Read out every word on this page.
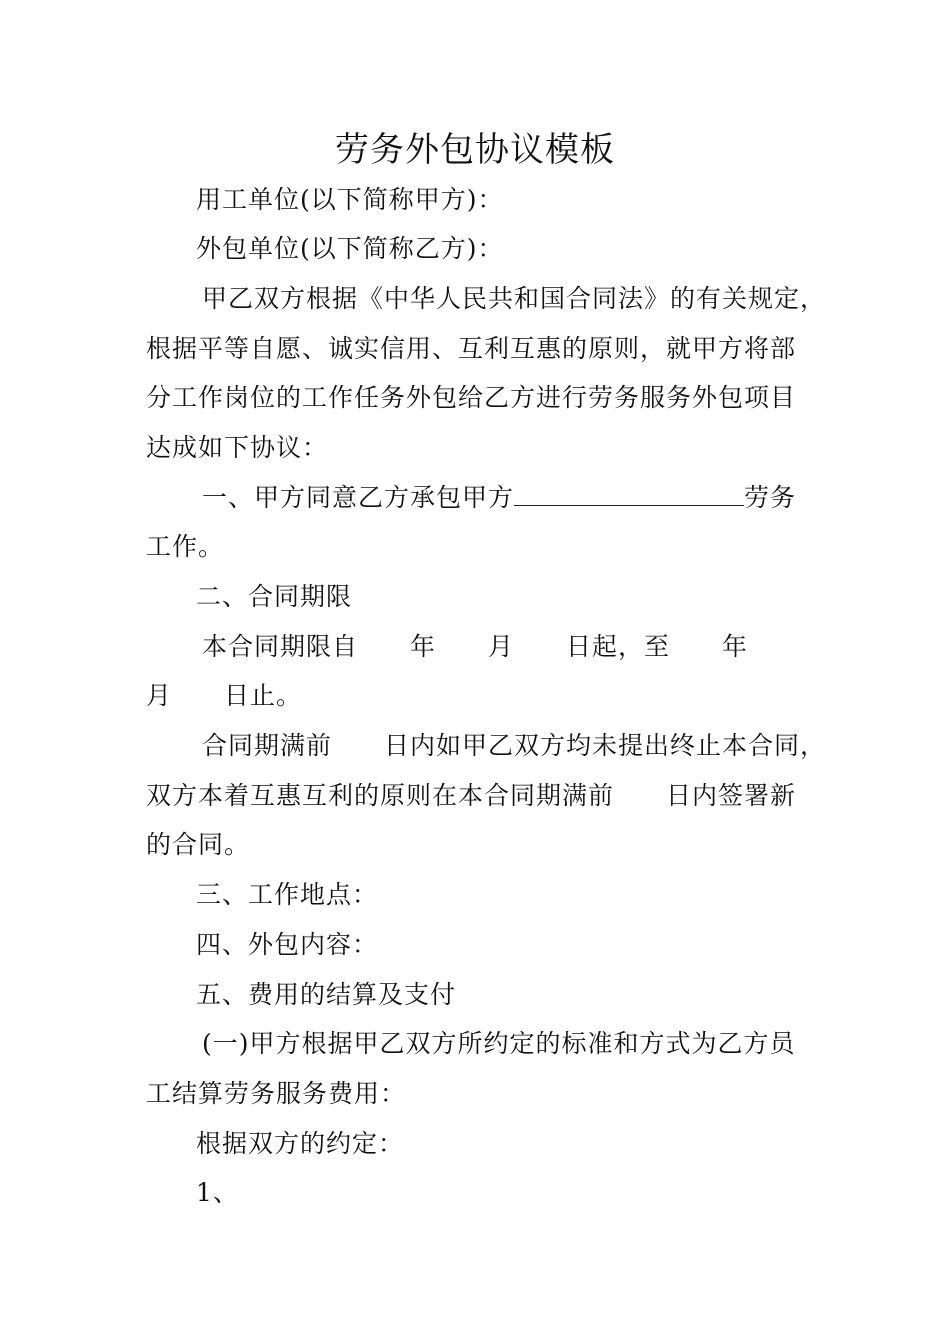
劳务外包协议模板
用工单位(以下简称甲方)：
外包单位(以下简称乙方)：
甲乙双方根据《中华人民共和国合同法》的有关规定，
根据平等自愿、诚实信用、互利互惠的原则，就甲方将部
分工作岗位的工作任务外包给乙方进行劳务服务外包项目
达成如下协议：
一、甲方同意乙方承包甲方	劳务
工作。
二、合同期限
本合同期限自　　年　　月　　日起，至　　年
月　　日止。
合同期满前　　日内如甲乙双方均未提出终止本合同，
双方本着互惠互利的原则在本合同期满前　　日内签署新
的合同。
三、工作地点：
四、外包内容：
五、费用的结算及支付
(一)甲方根据甲乙双方所约定的标准和方式为乙方员
工结算劳务服务费用：
根据双方的约定：
1、
